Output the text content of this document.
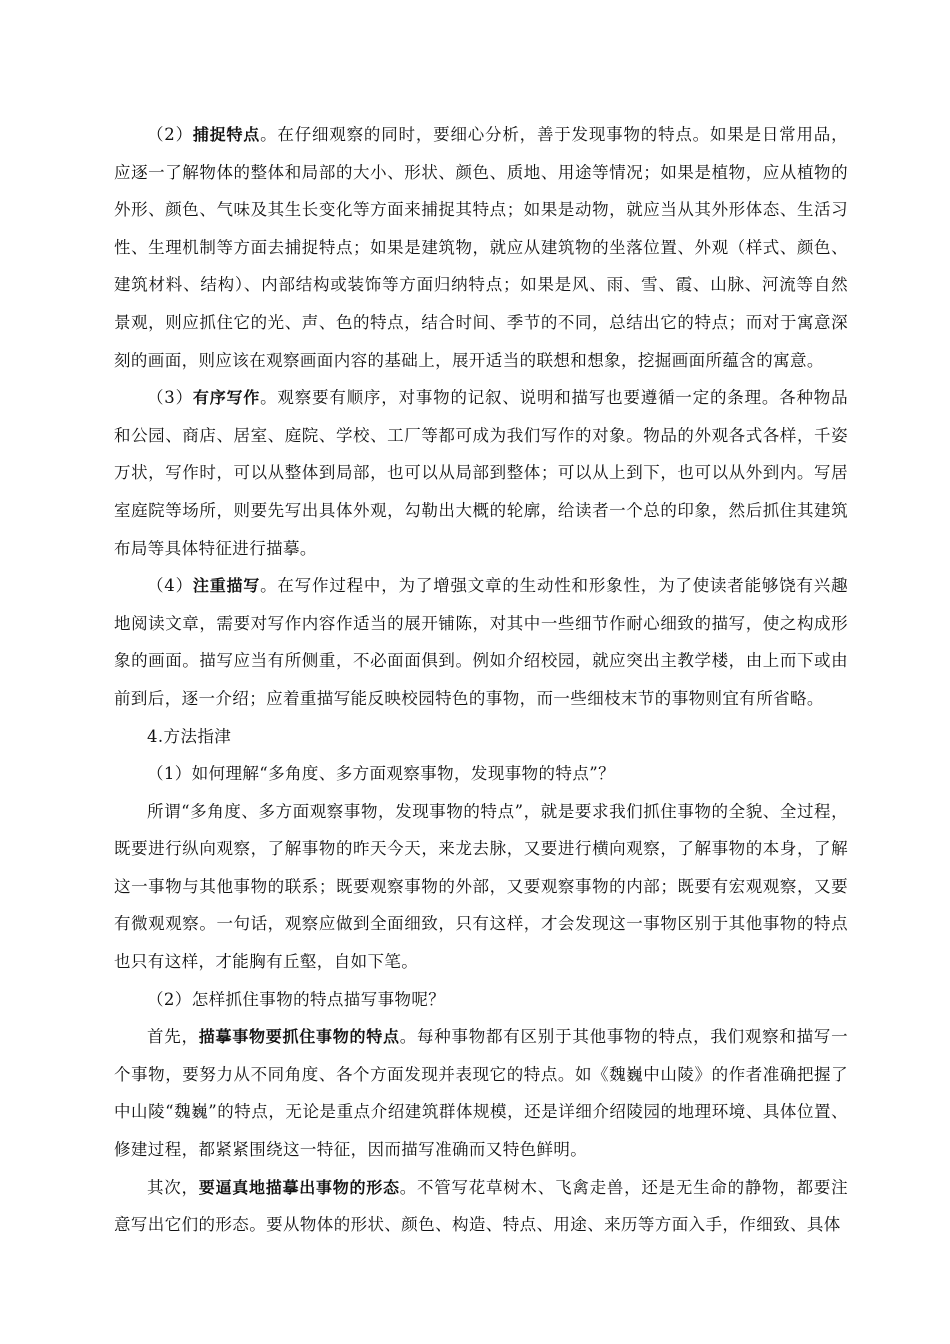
（2）捕捉特点。在仔细观察的同时，要细心分析，善于发现事物的特点。如果是日常用品，应逐一了解物体的整体和局部的大小、形状、颜色、质地、用途等情况；如果是植物，应从植物的外形、颜色、气味及其生长变化等方面来捕捉其特点；如果是动物，就应当从其外形体态、生活习性、生理机制等方面去捕捉特点；如果是建筑物，就应从建筑物的坐落位置、外观（样式、颜色、建筑材料、结构）、内部结构或装饰等方面归纳特点；如果是风、雨、雪、霞、山脉、河流等自然景观，则应抓住它的光、声、色的特点，结合时间、季节的不同，总结出它的特点；而对于寓意深刻的画面，则应该在观察画面内容的基础上，展开适当的联想和想象，挖掘画面所蕴含的寓意。

（3）有序写作。观察要有顺序，对事物的记叙、说明和描写也要遵循一定的条理。各种物品和公园、商店、居室、庭院、学校、工厂等都可成为我们写作的对象。物品的外观各式各样，千姿万状，写作时，可以从整体到局部，也可以从局部到整体；可以从上到下，也可以从外到内。写居室庭院等场所，则要先写出具体外观，勾勒出大概的轮廓，给读者一个总的印象，然后抓住其建筑布局等具体特征进行描摹。

（4）注重描写。在写作过程中，为了增强文章的生动性和形象性，为了使读者能够饶有兴趣地阅读文章，需要对写作内容作适当的展开铺陈，对其中一些细节作耐心细致的描写，使之构成形象的画面。描写应当有所侧重，不必面面俱到。例如介绍校园，就应突出主教学楼，由上而下或由前到后，逐一介绍；应着重描写能反映校园特色的事物，而一些细枝末节的事物则宜有所省略。

4.方法指津

（1）如何理解“多角度、多方面观察事物，发现事物的特点”？

所谓“多角度、多方面观察事物，发现事物的特点”，就是要求我们抓住事物的全貌、全过程，既要进行纵向观察，了解事物的昨天今天，来龙去脉，又要进行横向观察，了解事物的本身，了解这一事物与其他事物的联系；既要观察事物的外部，又要观察事物的内部；既要有宏观观察，又要有微观观察。一句话，观察应做到全面细致，只有这样，才会发现这一事物区别于其他事物的特点也只有这样，才能胸有丘壑，自如下笔。

（2）怎样抓住事物的特点描写事物呢？

首先，描摹事物要抓住事物的特点。每种事物都有区别于其他事物的特点，我们观察和描写一个事物，要努力从不同角度、各个方面发现并表现它的特点。如《魏巍中山陵》的作者准确把握了中山陵“魏巍”的特点，无论是重点介绍建筑群体规模，还是详细介绍陵园的地理环境、具体位置、修建过程，都紧紧围绕这一特征，因而描写准确而又特色鲜明。

其次，要逼真地描摹出事物的形态。不管写花草树木、飞禽走兽，还是无生命的静物，都要注意写出它们的形态。要从物体的形状、颜色、构造、特点、用途、来历等方面入手，作细致、具体
